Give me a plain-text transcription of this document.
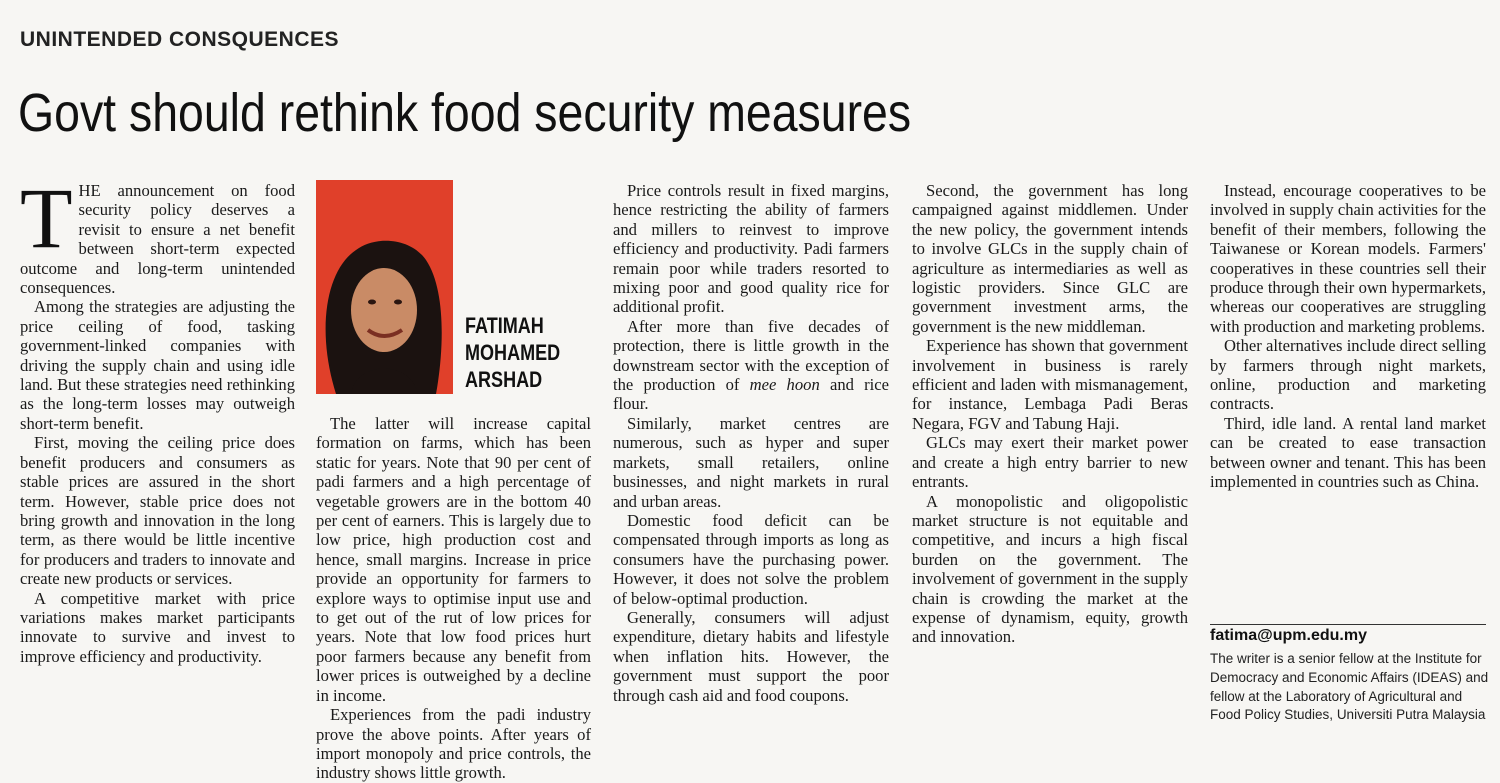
UNINTENDED CONSQUENCES
Govt should rethink food security measures

THE announcement on food security policy deserves a revisit to ensure a net benefit between short-term expected outcome and long-term unintended consequences.

Among the strategies are adjusting the price ceiling of food, tasking government-linked companies with driving the supply chain and using idle land. But these strategies need rethinking as the long-term losses may outweigh short-term benefit.

First, moving the ceiling price does benefit producers and consumers as stable prices are assured in the short term. However, stable price does not bring growth and innovation in the long term, as there would be little incentive for producers and traders to innovate and create new products or services.

A competitive market with price variations makes market participants innovate to survive and invest to improve efficiency and productivity.

FATIMAH
MOHAMED
ARSHAD

The latter will increase capital formation on farms, which has been static for years. Note that 90 per cent of padi farmers and a high percentage of vegetable growers are in the bottom 40 per cent of earners. This is largely due to low price, high production cost and hence, small margins. Increase in price provide an opportunity for farmers to explore ways to optimise input use and to get out of the rut of low prices for years. Note that low food prices hurt poor farmers because any benefit from lower prices is outweighed by a decline in income.

Experiences from the padi industry prove the above points. After years of import monopoly and price controls, the industry shows little growth.

Price controls result in fixed margins, hence restricting the ability of farmers and millers to reinvest to improve efficiency and productivity. Padi farmers remain poor while traders resorted to mixing poor and good quality rice for additional profit.

After more than five decades of protection, there is little growth in the downstream sector with the exception of the production of mee hoon and rice flour.

Similarly, market centres are numerous, such as hyper and super markets, small retailers, online businesses, and night markets in rural and urban areas.

Domestic food deficit can be compensated through imports as long as consumers have the purchasing power. However, it does not solve the problem of below-optimal production.

Generally, consumers will adjust expenditure, dietary habits and lifestyle when inflation hits. However, the government must support the poor through cash aid and food coupons.

Second, the government has long campaigned against middlemen. Under the new policy, the government intends to involve GLCs in the supply chain of agriculture as intermediaries as well as logistic providers. Since GLC are government investment arms, the government is the new middleman.

Experience has shown that government involvement in business is rarely efficient and laden with mismanagement, for instance, Lembaga Padi Beras Negara, FGV and Tabung Haji.

GLCs may exert their market power and create a high entry barrier to new entrants.

A monopolistic and oligopolistic market structure is not equitable and competitive, and incurs a high fiscal burden on the government. The involvement of government in the supply chain is crowding the market at the expense of dynamism, equity, growth and innovation.

Instead, encourage cooperatives to be involved in supply chain activities for the benefit of their members, following the Taiwanese or Korean models. Farmers' cooperatives in these countries sell their produce through their own hypermarkets, whereas our cooperatives are struggling with production and marketing problems.

Other alternatives include direct selling by farmers through night markets, online, production and marketing contracts.

Third, idle land. A rental land market can be created to ease transaction between owner and tenant. This has been implemented in countries such as China.

fatima@upm.edu.my
The writer is a senior fellow at the Institute for Democracy and Economic Affairs (IDEAS) and fellow at the Laboratory of Agricultural and Food Policy Studies, Universiti Putra Malaysia
